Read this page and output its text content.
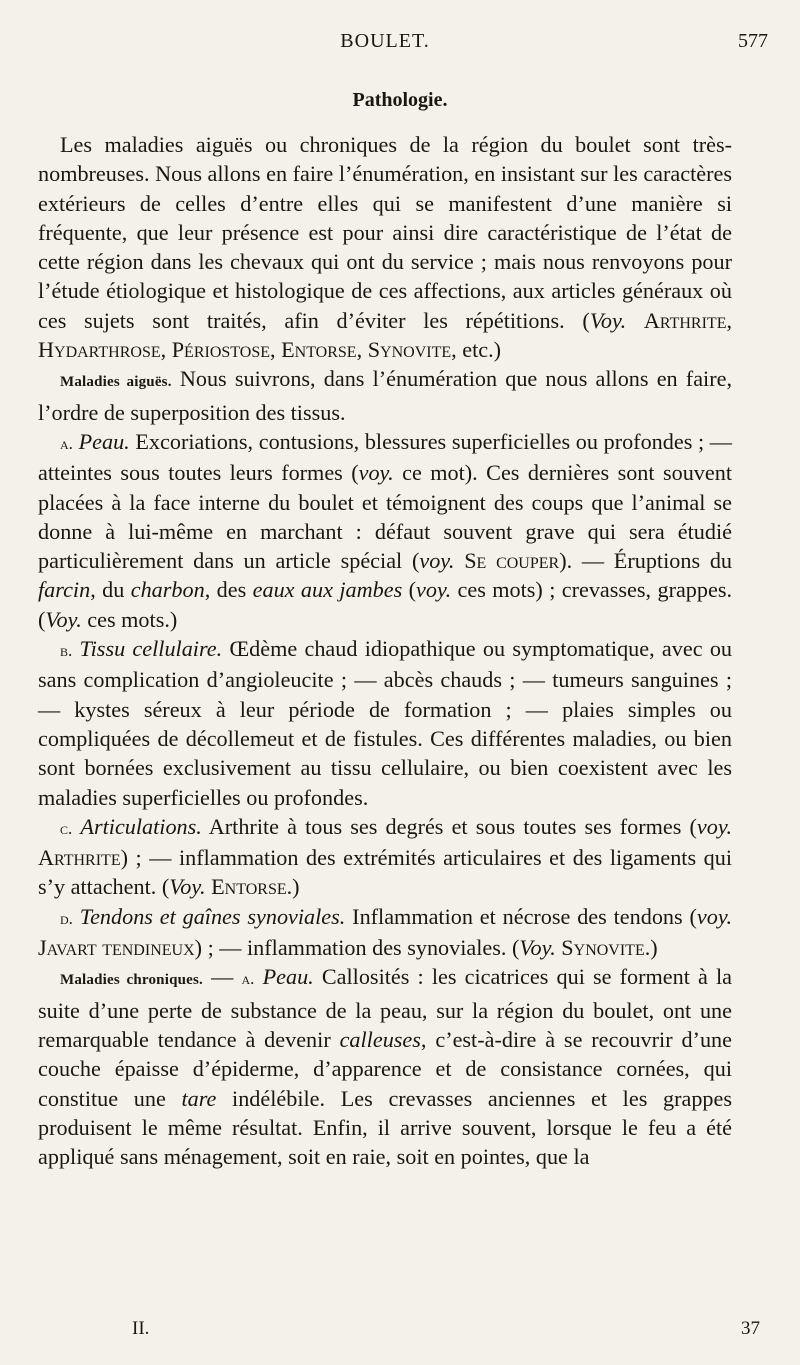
BOULET.	577
Pathologie.

Les maladies aiguës ou chroniques de la région du boulet sont très-nombreuses. Nous allons en faire l’énumération, en insistant sur les caractères extérieurs de celles d’entre elles qui se manifestent d’une manière si fréquente, que leur présence est pour ainsi dire caractéristique de l’état de cette région dans les chevaux qui ont du service ; mais nous renvoyons pour l’étude étiologique et histologique de ces affections, aux articles généraux où ces sujets sont traités, afin d’éviter les répétitions. (Voy. Arthrite, Hydarthrose, Périostose, Entorse, Synovite, etc.)

Maladies aiguës. Nous suivrons, dans l’énumération que nous allons en faire, l’ordre de superposition des tissus.

a. Peau. Excoriations, contusions, blessures superficielles ou profondes ; — atteintes sous toutes leurs formes (voy. ce mot). Ces dernières sont souvent placées à la face interne du boulet et témoignent des coups que l’animal se donne à lui-même en marchant : défaut souvent grave qui sera étudié particulièrement dans un article spécial (voy. Se couper). — Éruptions du farcin, du charbon, des eaux aux jambes (voy. ces mots) ; crevasses, grappes. (Voy. ces mots.)

b. Tissu cellulaire. Œdème chaud idiopathique ou symptomatique, avec ou sans complication d’angioleucite ; — abcès chauds ; — tumeurs sanguines ; — kystes séreux à leur période de formation ; — plaies simples ou compliquées de décollemeut et de fistules. Ces différentes maladies, ou bien sont bornées exclusivement au tissu cellulaire, ou bien coexistent avec les maladies superficielles ou profondes.

c. Articulations. Arthrite à tous ses degrés et sous toutes ses formes (voy. Arthrite) ; — inflammation des extrémités articulaires et des ligaments qui s’y attachent. (Voy. Entorse.)

d. Tendons et gaînes synoviales. Inflammation et nécrose des tendons (voy. Javart tendineux) ; — inflammation des synoviales. (Voy. Synovite.)

Maladies chroniques. — a. Peau. Callosités : les cicatrices qui se forment à la suite d’une perte de substance de la peau, sur la région du boulet, ont une remarquable tendance à devenir calleuses, c’est-à-dire à se recouvrir d’une couche épaisse d’épiderme, d’apparence et de consistance cornées, qui constitue une tare indélébile. Les crevasses anciennes et les grappes produisent le même résultat. Enfin, il arrive souvent, lorsque le feu a été appliqué sans ménagement, soit en raie, soit en pointes, que la

II.	37
